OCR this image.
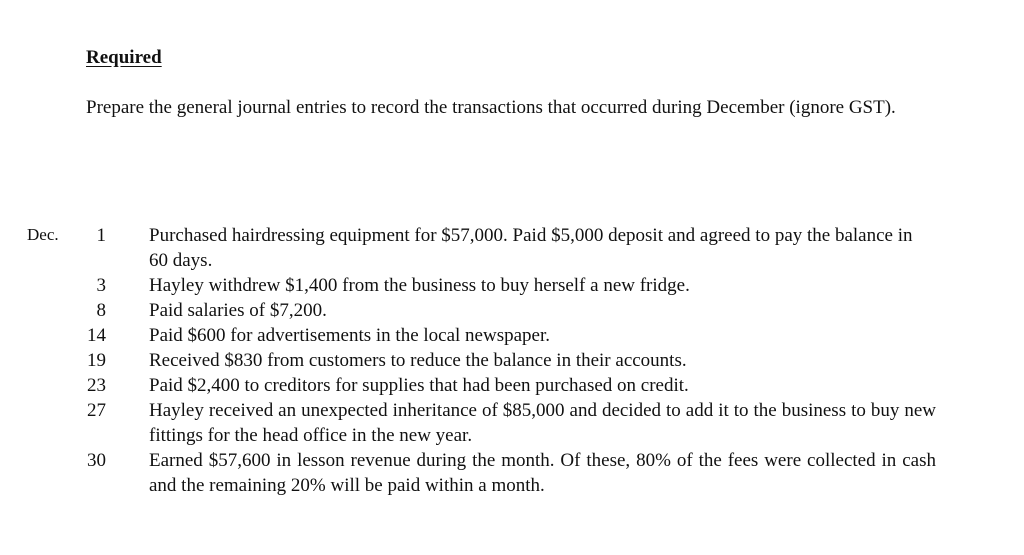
Required
Prepare the general journal entries to record the transactions that occurred during December (ignore GST).
Dec.	1 Purchased hairdressing equipment for $57,000. Paid $5,000 deposit and agreed to pay the balance in 60 days.
3 Hayley withdrew $1,400 from the business to buy herself a new fridge.
8 Paid salaries of $7,200.
14 Paid $600 for advertisements in the local newspaper.
19 Received $830 from customers to reduce the balance in their accounts.
23 Paid $2,400 to creditors for supplies that had been purchased on credit.
27 Hayley received an unexpected inheritance of $85,000 and decided to add it to the business to buy new fittings for the head office in the new year.
30 Earned $57,600 in lesson revenue during the month. Of these, 80% of the fees were collected in cash and the remaining 20% will be paid within a month.
